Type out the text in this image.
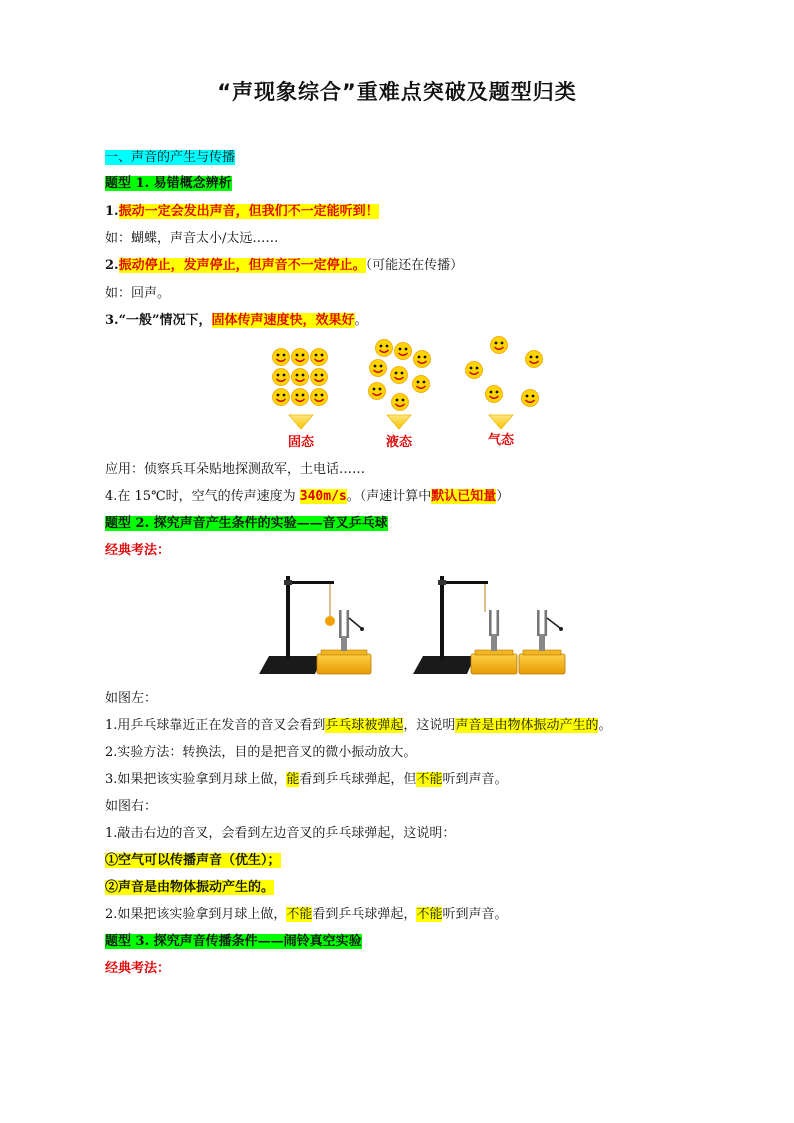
“声现象综合”重难点突破及题型归类
一、声音的产生与传播
题型 1. 易错概念辨析
1.振动一定会发出声音，但我们不一定能听到！
如：蝴蝶，声音太小/太远……
2.振动停止，发声停止，但声音不一定停止。（可能还在传播）
如：回声。
3.“一般”情况下，固体传声速度快，效果好。
固态	液态	气态
应用：侦察兵耳朵贴地探测敌军，土电话……
4.在 15℃时，空气的传声速度为 340m/s。（声速计算中默认已知量）
题型 2. 探究声音产生条件的实验——音叉乒乓球
经典考法：
如图左：
1.用乒乓球靠近正在发音的音叉会看到乒乓球被弹起，这说明声音是由物体振动产生的。
2.实验方法：转换法，目的是把音叉的微小振动放大。
3.如果把该实验拿到月球上做，能看到乒乓球弹起，但不能听到声音。
如图右：
1.敲击右边的音叉，会看到左边音叉的乒乓球弹起，这说明：
①空气可以传播声音（优生）；
②声音是由物体振动产生的。
2.如果把该实验拿到月球上做，不能看到乒乓球弹起，不能听到声音。
题型 3. 探究声音传播条件——闹铃真空实验
经典考法：
